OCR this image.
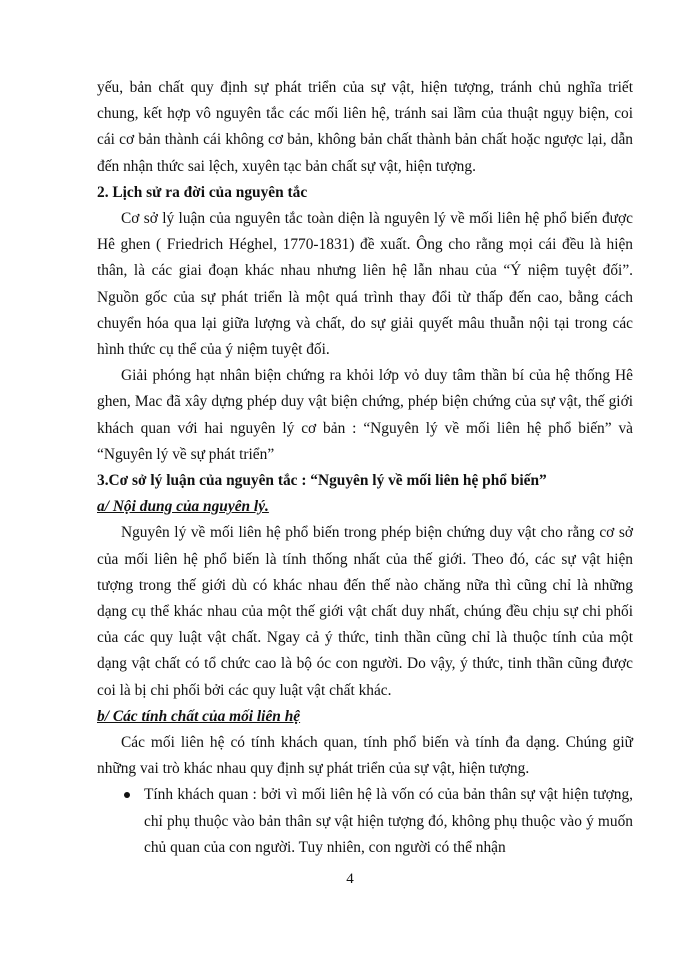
yếu, bản chất quy định sự phát triển của sự vật, hiện tượng, tránh chủ nghĩa triết chung, kết hợp vô nguyên tắc các mối liên hệ, tránh sai lầm của thuật ngụy biện, coi cái cơ bản thành cái không cơ bản, không bản chất thành bản chất hoặc ngược lại, dẫn đến nhận thức sai lệch, xuyên tạc bản chất sự vật, hiện tượng.

2. Lịch sử ra đời của nguyên tắc

Cơ sở lý luận của nguyên tắc toàn diện là nguyên lý về mối liên hệ phổ biến được Hê ghen ( Friedrich Héghel, 1770-1831) đề xuất. Ông cho rằng mọi cái đều là hiện thân, là các giai đoạn khác nhau nhưng liên hệ lẫn nhau của “Ý niệm tuyệt đối”. Nguồn gốc của sự phát triển là một quá trình thay đổi từ thấp đến cao, bằng cách chuyển hóa qua lại giữa lượng và chất, do sự giải quyết mâu thuẫn nội tại trong các hình thức cụ thể của ý niệm tuyệt đối.

Giải phóng hạt nhân biện chứng ra khỏi lớp vỏ duy tâm thần bí của hệ thống Hê ghen, Mac đã xây dựng phép duy vật biện chứng, phép biện chứng của sự vật, thế giới khách quan với hai nguyên lý cơ bản : “Nguyên lý về mối liên hệ phổ biến” và “Nguyên lý về sự phát triển”

3.Cơ sở lý luận của nguyên tắc : “Nguyên lý về mối liên hệ phổ biến”

a/ Nội dung của nguyên lý.

Nguyên lý về mối liên hệ phổ biến trong phép biện chứng duy vật cho rằng cơ sở của mối liên hệ phổ biến là tính thống nhất của thế giới. Theo đó, các sự vật hiện tượng trong thế giới dù có khác nhau đến thế nào chăng nữa thì cũng chỉ là những dạng cụ thể khác nhau của một thế giới vật chất duy nhất, chúng đều chịu sự chi phối của các quy luật vật chất. Ngay cả ý thức, tinh thần cũng chỉ là thuộc tính của một dạng vật chất có tổ chức cao là bộ óc con người. Do vậy, ý thức, tinh thần cũng được coi là bị chi phối bởi các quy luật vật chất khác.

b/ Các tính chất của mối liên hệ

Các mối liên hệ có tính khách quan, tính phổ biến và tính đa dạng. Chúng giữ những vai trò khác nhau quy định sự phát triển của sự vật, hiện tượng.

Tính khách quan : bởi vì mối liên hệ là vốn có của bản thân sự vật hiện tượng, chỉ phụ thuộc vào bản thân sự vật hiện tượng đó, không phụ thuộc vào ý muốn chủ quan của con người. Tuy nhiên, con người có thể nhận
4
